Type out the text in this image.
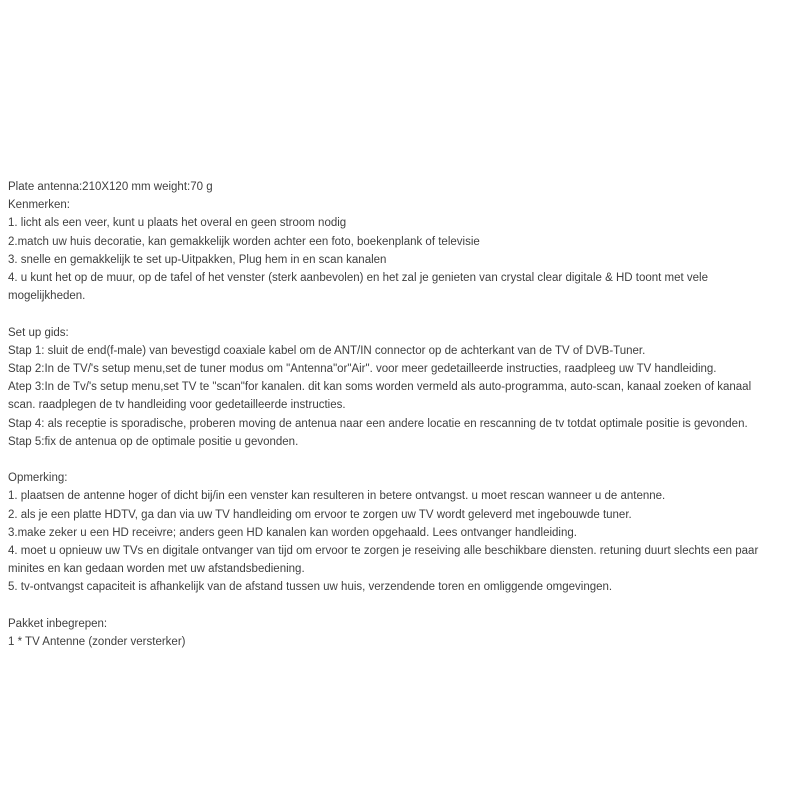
Plate antenna:210X120 mm weight:70 g

Kenmerken:

1. licht als een veer, kunt u plaats het overal en geen stroom nodig

2.match uw huis decoratie, kan gemakkelijk worden achter een foto, boekenplank of televisie

3. snelle en gemakkelijk te set up-Uitpakken, Plug hem in en scan kanalen

4. u kunt het op de muur, op de tafel of het venster (sterk aanbevolen) en het zal je genieten van crystal clear digitale & HD toont met vele

mogelijkheden.

Set up gids:

Stap 1: sluit de end(f-male) van bevestigd coaxiale kabel om de ANT/IN connector op de achterkant van de TV of DVB-Tuner.

Stap 2:In de TV/'s setup menu,set de tuner modus om "Antenna"or"Air". voor meer gedetailleerde instructies, raadpleeg uw TV handleiding.

Atep 3:In de Tv/'s setup menu,set TV te "scan"for kanalen. dit kan soms worden vermeld als auto-programma, auto-scan, kanaal zoeken of kanaal

scan. raadplegen de tv handleiding voor gedetailleerde instructies.

Stap 4: als receptie is sporadische, proberen moving de antenua naar een andere locatie en rescanning de tv totdat optimale positie is gevonden.

Stap 5:fix de antenua op de optimale positie u gevonden.

Opmerking:

1. plaatsen de antenne hoger of dicht bij/in een venster kan resulteren in betere ontvangst. u moet rescan wanneer u de antenne.

2. als je een platte HDTV, ga dan via uw TV handleiding om ervoor te zorgen uw TV wordt geleverd met ingebouwde tuner.

3.make zeker u een HD receivre; anders geen HD kanalen kan worden opgehaald. Lees ontvanger handleiding.

4. moet u opnieuw uw TVs en digitale ontvanger van tijd om ervoor te zorgen je reseiving alle beschikbare diensten. retuning duurt slechts een paar

minites en kan gedaan worden met uw afstandsbediening.

5. tv-ontvangst capaciteit is afhankelijk van de afstand tussen uw huis, verzendende toren en omliggende omgevingen.

Pakket inbegrepen:

1 * TV Antenne (zonder versterker)
